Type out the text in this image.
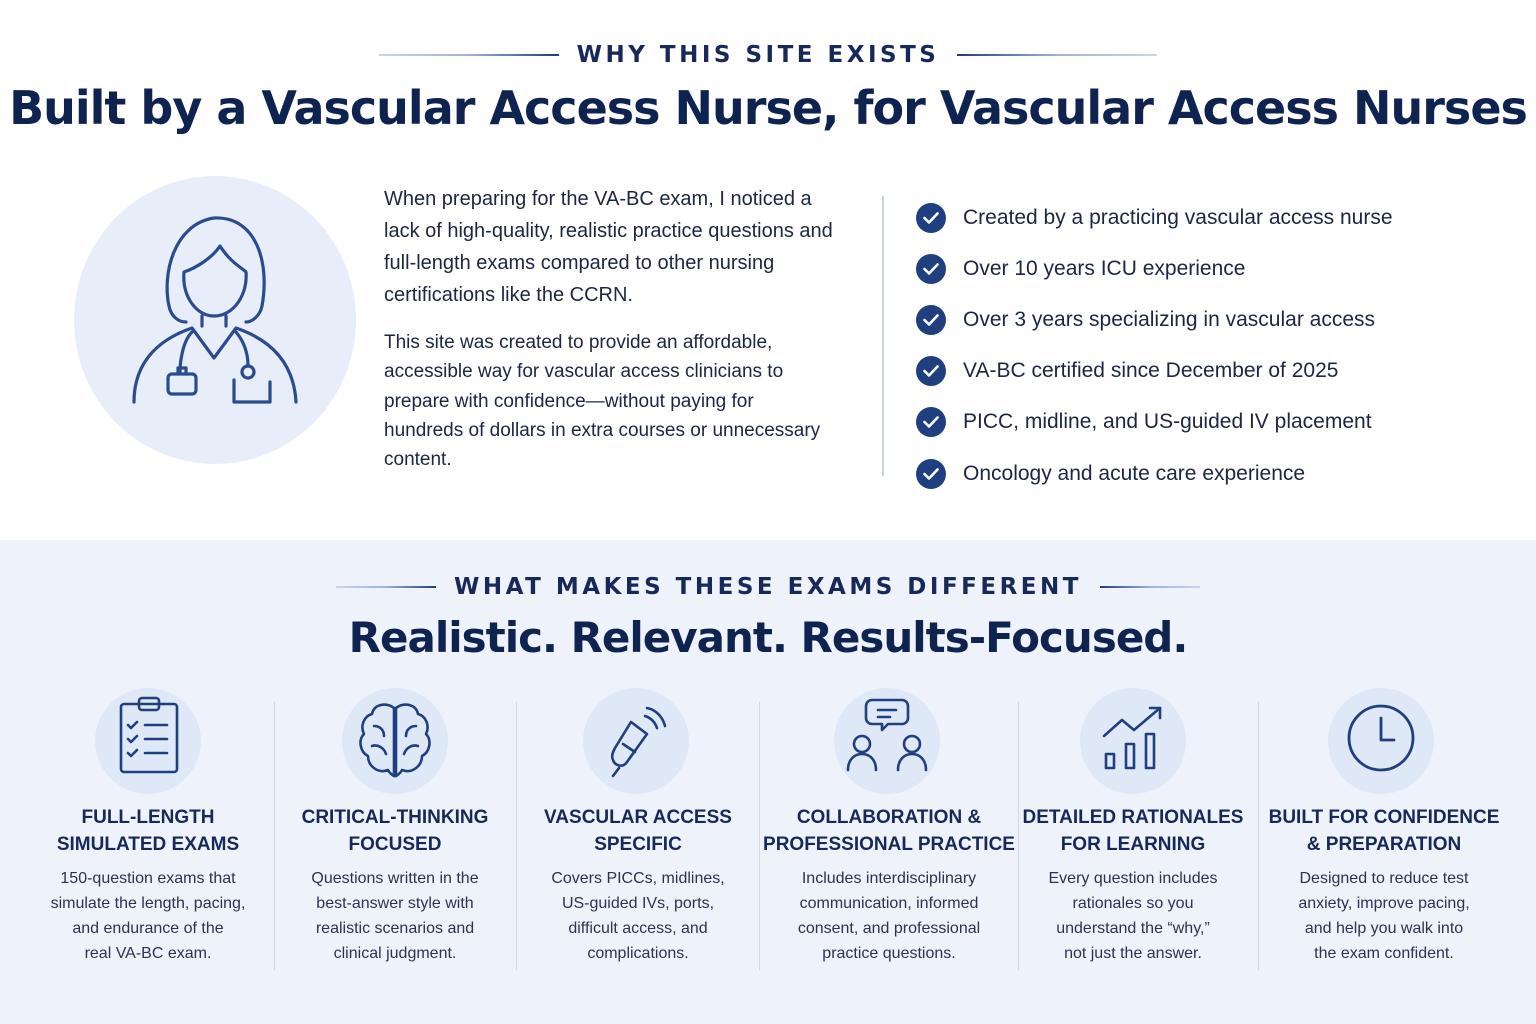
WHY THIS SITE EXISTS
Built by a Vascular Access Nurse, for Vascular Access Nurses

When preparing for the VA-BC exam, I noticed a lack of high-quality, realistic practice questions and full-length exams compared to other nursing certifications like the CCRN.

This site was created to provide an affordable, accessible way for vascular access clinicians to prepare with confidence—without paying for hundreds of dollars in extra courses or unnecessary content.

Created by a practicing vascular access nurse
Over 10 years ICU experience
Over 3 years specializing in vascular access
VA-BC certified since December of 2025
PICC, midline, and US-guided IV placement
Oncology and acute care experience
WHAT MAKES THESE EXAMS DIFFERENT
Realistic. Relevant. Results-Focused.
FULL-LENGTH
SIMULATED EXAMS
150-question exams that
simulate the length, pacing,
and endurance of the
real VA-BC exam.
CRITICAL-THINKING
FOCUSED
Questions written in the
best-answer style with
realistic scenarios and
clinical judgment.
VASCULAR ACCESS
SPECIFIC
Covers PICCs, midlines,
US-guided IVs, ports,
difficult access, and
complications.
COLLABORATION &
PROFESSIONAL PRACTICE
Includes interdisciplinary
communication, informed
consent, and professional
practice questions.
DETAILED RATIONALES
FOR LEARNING
Every question includes
rationales so you
understand the “why,”
not just the answer.
BUILT FOR CONFIDENCE
& PREPARATION
Designed to reduce test
anxiety, improve pacing,
and help you walk into
the exam confident.
